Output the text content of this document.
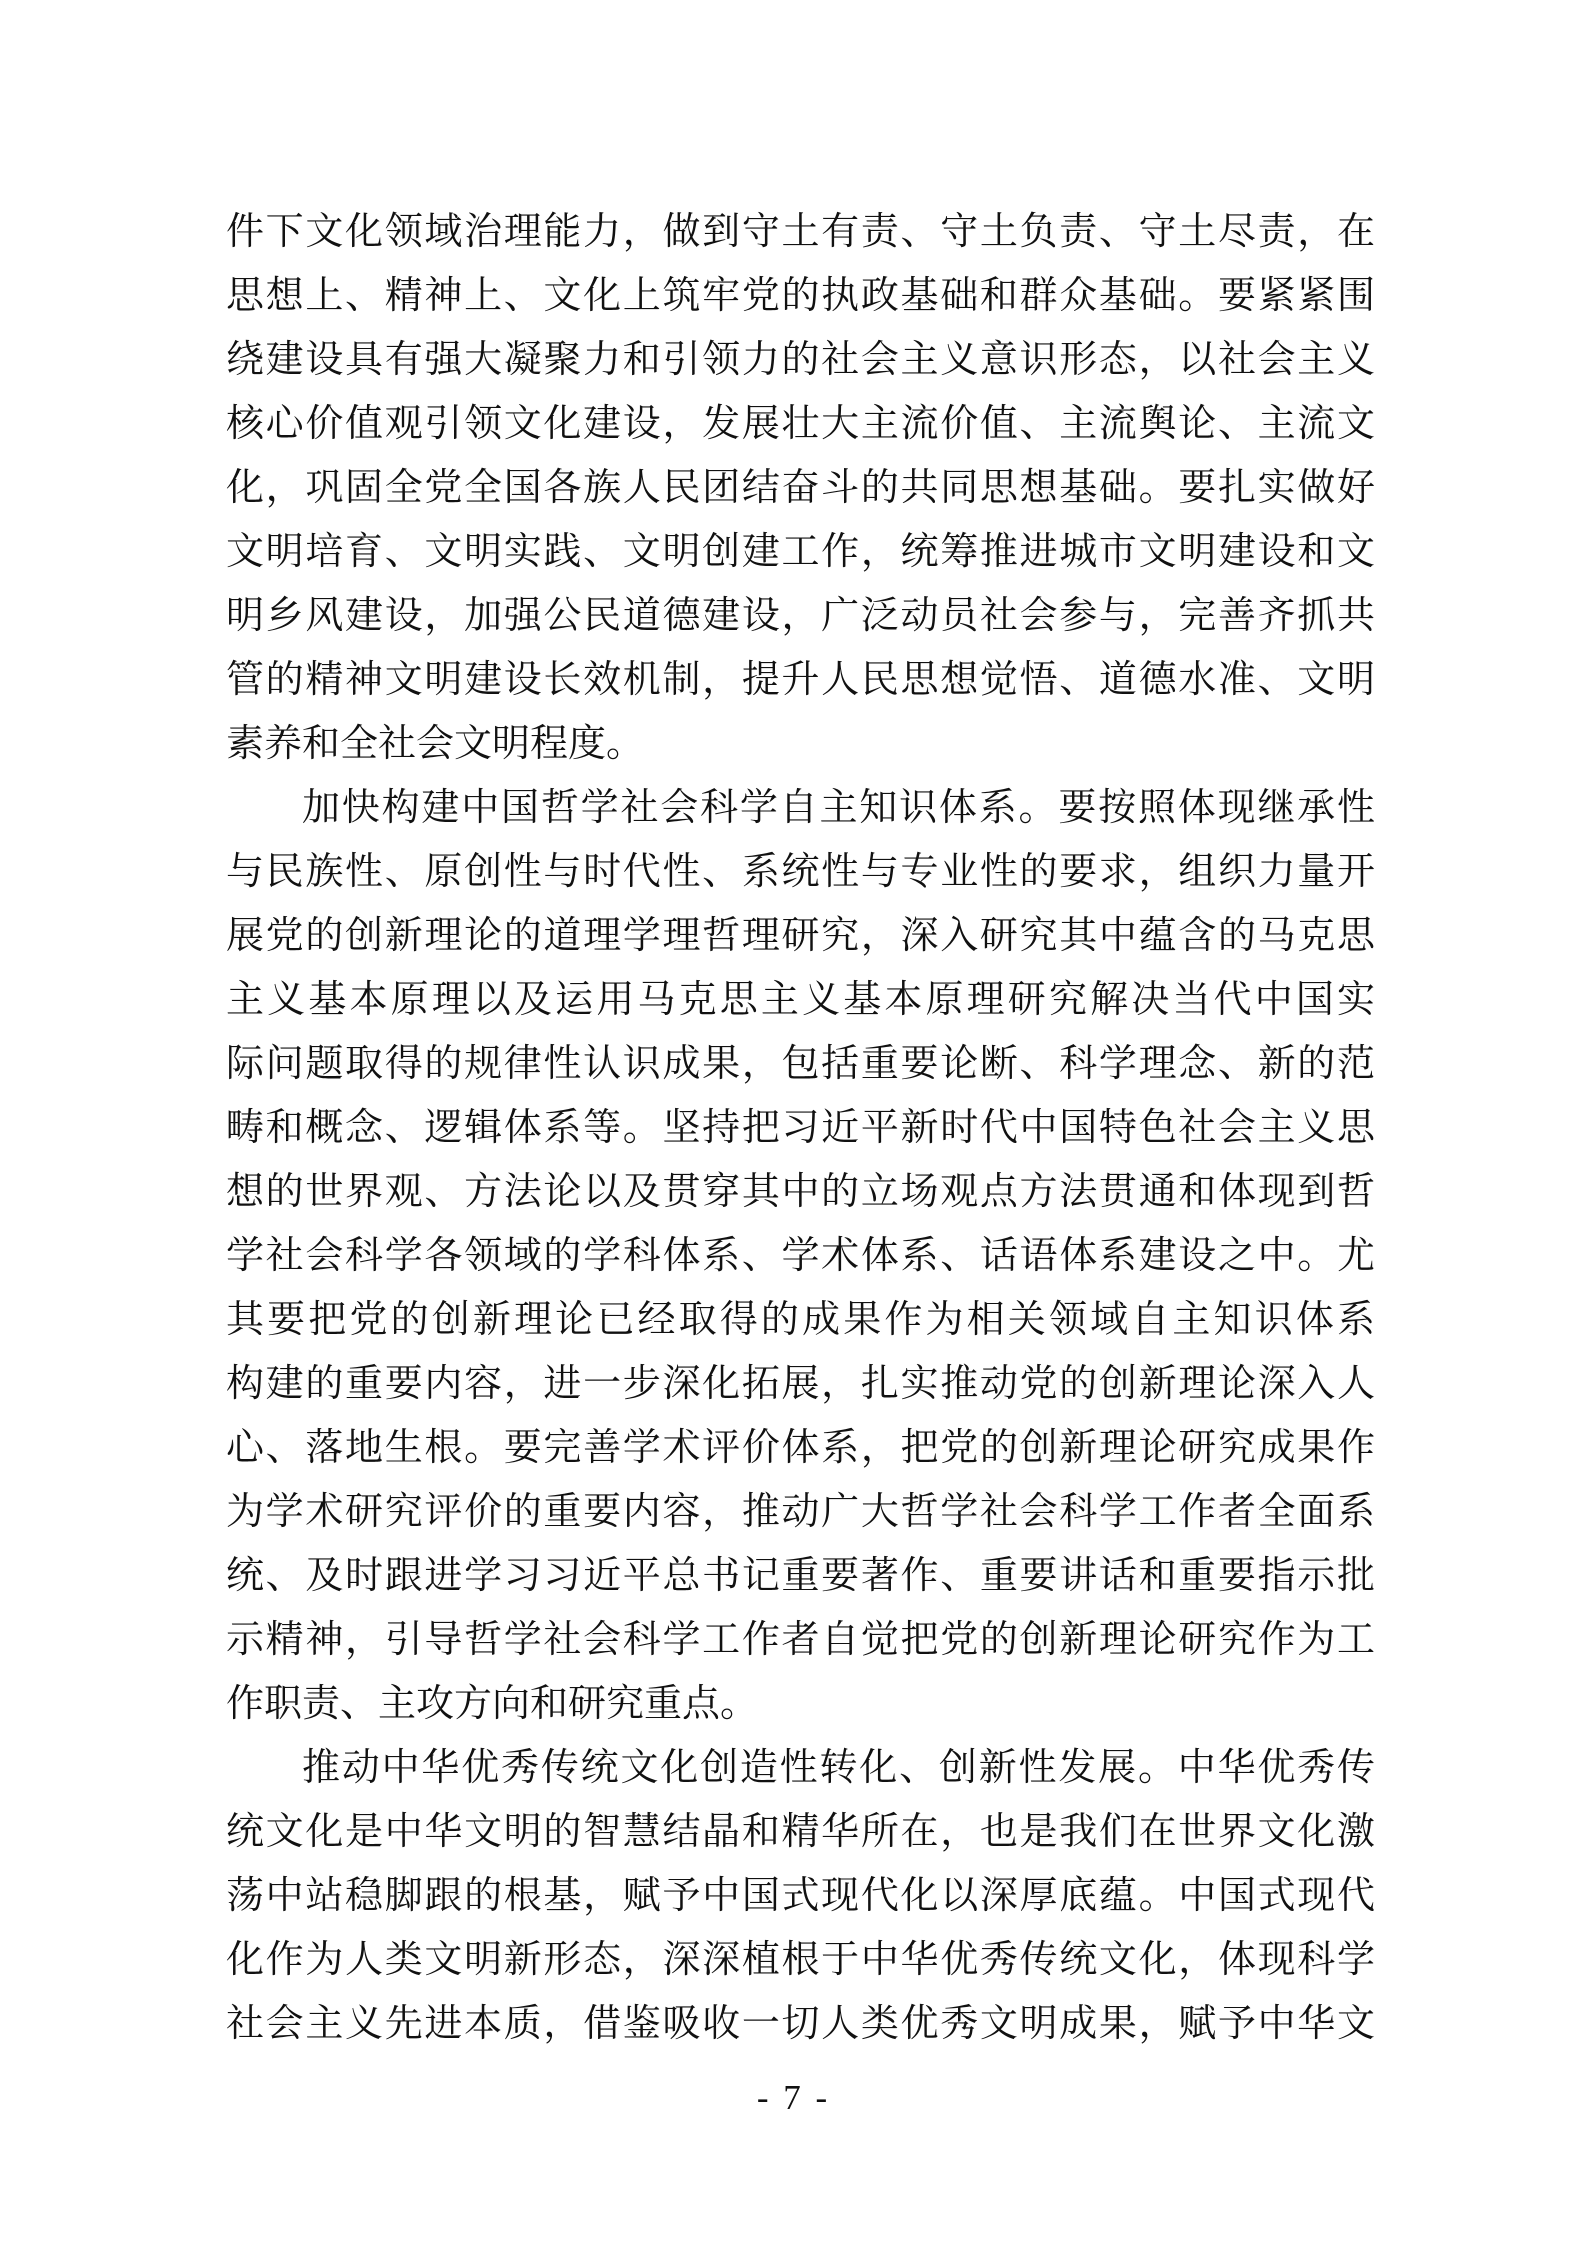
件下文化领域治理能力，做到守土有责、守土负责、守土尽责，在
思想上、精神上、文化上筑牢党的执政基础和群众基础。要紧紧围
绕建设具有强大凝聚力和引领力的社会主义意识形态，以社会主义
核心价值观引领文化建设，发展壮大主流价值、主流舆论、主流文
化，巩固全党全国各族人民团结奋斗的共同思想基础。要扎实做好
文明培育、文明实践、文明创建工作，统筹推进城市文明建设和文
明乡风建设，加强公民道德建设，广泛动员社会参与，完善齐抓共
管的精神文明建设长效机制，提升人民思想觉悟、道德水准、文明
素养和全社会文明程度。
加快构建中国哲学社会科学自主知识体系。要按照体现继承性
与民族性、原创性与时代性、系统性与专业性的要求，组织力量开
展党的创新理论的道理学理哲理研究，深入研究其中蕴含的马克思
主义基本原理以及运用马克思主义基本原理研究解决当代中国实
际问题取得的规律性认识成果，包括重要论断、科学理念、新的范
畴和概念、逻辑体系等。坚持把习近平新时代中国特色社会主义思
想的世界观、方法论以及贯穿其中的立场观点方法贯通和体现到哲
学社会科学各领域的学科体系、学术体系、话语体系建设之中。尤
其要把党的创新理论已经取得的成果作为相关领域自主知识体系
构建的重要内容，进一步深化拓展，扎实推动党的创新理论深入人
心、落地生根。要完善学术评价体系，把党的创新理论研究成果作
为学术研究评价的重要内容，推动广大哲学社会科学工作者全面系
统、及时跟进学习习近平总书记重要著作、重要讲话和重要指示批
示精神，引导哲学社会科学工作者自觉把党的创新理论研究作为工
作职责、主攻方向和研究重点。
推动中华优秀传统文化创造性转化、创新性发展。中华优秀传
统文化是中华文明的智慧结晶和精华所在，也是我们在世界文化激
荡中站稳脚跟的根基，赋予中国式现代化以深厚底蕴。中国式现代
化作为人类文明新形态，深深植根于中华优秀传统文化，体现科学
社会主义先进本质，借鉴吸收一切人类优秀文明成果，赋予中华文
- 7 -
